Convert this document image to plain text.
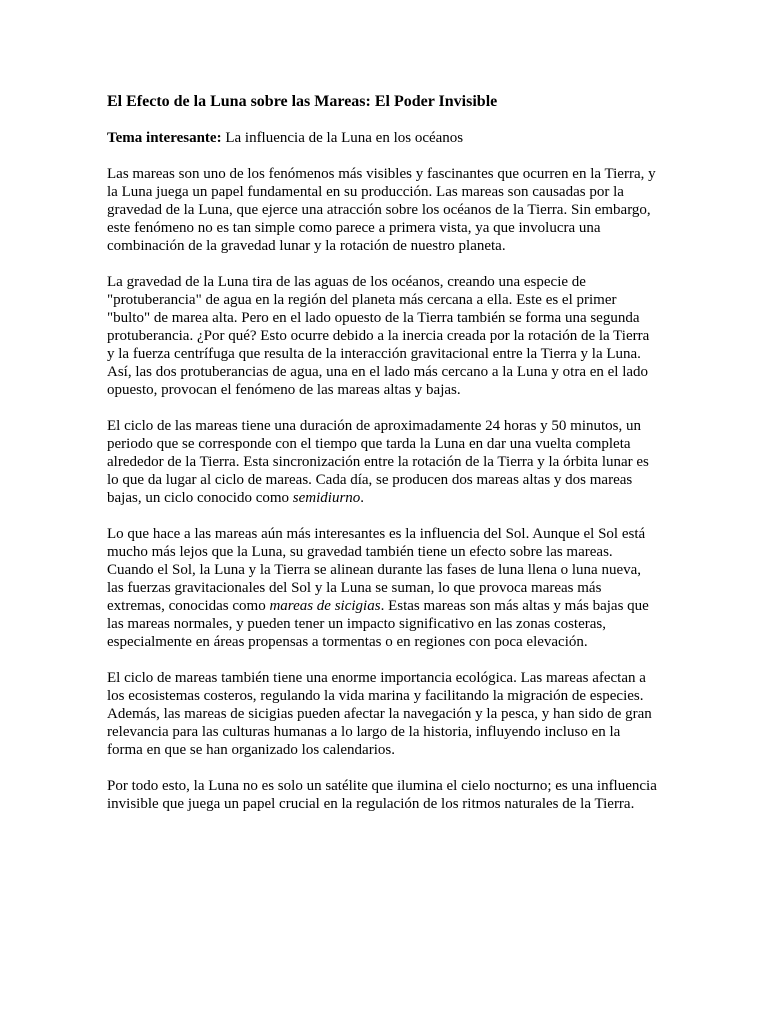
El Efecto de la Luna sobre las Mareas: El Poder Invisible
Tema interesante: La influencia de la Luna en los océanos

Las mareas son uno de los fenómenos más visibles y fascinantes que ocurren en la Tierra, y la Luna juega un papel fundamental en su producción. Las mareas son causadas por la gravedad de la Luna, que ejerce una atracción sobre los océanos de la Tierra. Sin embargo, este fenómeno no es tan simple como parece a primera vista, ya que involucra una combinación de la gravedad lunar y la rotación de nuestro planeta.

La gravedad de la Luna tira de las aguas de los océanos, creando una especie de "protuberancia" de agua en la región del planeta más cercana a ella. Este es el primer "bulto" de marea alta. Pero en el lado opuesto de la Tierra también se forma una segunda protuberancia. ¿Por qué? Esto ocurre debido a la inercia creada por la rotación de la Tierra y la fuerza centrífuga que resulta de la interacción gravitacional entre la Tierra y la Luna. Así, las dos protuberancias de agua, una en el lado más cercano a la Luna y otra en el lado opuesto, provocan el fenómeno de las mareas altas y bajas.

El ciclo de las mareas tiene una duración de aproximadamente 24 horas y 50 minutos, un periodo que se corresponde con el tiempo que tarda la Luna en dar una vuelta completa alrededor de la Tierra. Esta sincronización entre la rotación de la Tierra y la órbita lunar es lo que da lugar al ciclo de mareas. Cada día, se producen dos mareas altas y dos mareas bajas, un ciclo conocido como semidiurno.

Lo que hace a las mareas aún más interesantes es la influencia del Sol. Aunque el Sol está mucho más lejos que la Luna, su gravedad también tiene un efecto sobre las mareas. Cuando el Sol, la Luna y la Tierra se alinean durante las fases de luna llena o luna nueva, las fuerzas gravitacionales del Sol y la Luna se suman, lo que provoca mareas más extremas, conocidas como mareas de sicigias. Estas mareas son más altas y más bajas que las mareas normales, y pueden tener un impacto significativo en las zonas costeras, especialmente en áreas propensas a tormentas o en regiones con poca elevación.

El ciclo de mareas también tiene una enorme importancia ecológica. Las mareas afectan a los ecosistemas costeros, regulando la vida marina y facilitando la migración de especies. Además, las mareas de sicigias pueden afectar la navegación y la pesca, y han sido de gran relevancia para las culturas humanas a lo largo de la historia, influyendo incluso en la forma en que se han organizado los calendarios.

Por todo esto, la Luna no es solo un satélite que ilumina el cielo nocturno; es una influencia invisible que juega un papel crucial en la regulación de los ritmos naturales de la Tierra.
